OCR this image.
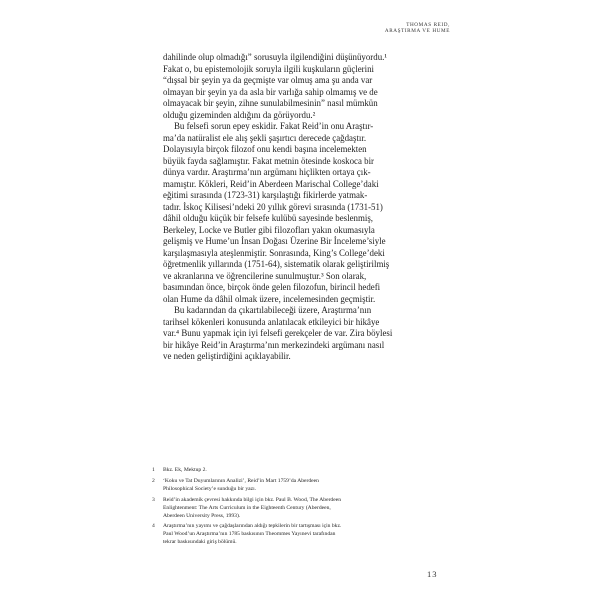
THOMAS REID,
ARAŞTIRMA VE HUME
dahilinde olup olmadığı” sorusuyla ilgilendiğini düşünüyordu.¹
Fakat o, bu epistemolojik soruyla ilgili kuşkuların güçlerini
“dışsal bir şeyin ya da geçmişte var olmuş ama şu anda var
olmayan bir şeyin ya da asla bir varlığa sahip olmamış ve de
olmayacak bir şeyin, zihne sunulabilmesinin” nasıl mümkün
olduğu gizeminden aldığını da görüyordu.²
Bu felsefi sorun epey eskidir. Fakat Reid’in onu Araştır-
ma’da natüralist ele alış şekli şaşırtıcı derecede çağdaştır.
Dolayısıyla birçok filozof onu kendi başına incelemekten
büyük fayda sağlamıştır. Fakat metnin ötesinde koskoca bir
dünya vardır. Araştırma’nın argümanı hiçlikten ortaya çık-
mamıştır. Kökleri, Reid’in Aberdeen Marischal College’daki
eğitimi sırasında (1723-31) karşılaştığı fikirlerde yatmak-
tadır. İskoç Kilisesi’ndeki 20 yıllık görevi sırasında (1731-51)
dâhil olduğu küçük bir felsefe kulübü sayesinde beslenmiş,
Berkeley, Locke ve Butler gibi filozofları yakın okumasıyla
gelişmiş ve Hume’un İnsan Doğası Üzerine Bir İnceleme’siyle
karşılaşmasıyla ateşlenmiştir. Sonrasında, King’s College’deki
öğretmenlik yıllarında (1751-64), sistematik olarak geliştirilmiş
ve akranlarına ve öğrencilerine sunulmuştur.³ Son olarak,
basımından önce, birçok önde gelen filozofun, birincil hedefi
olan Hume da dâhil olmak üzere, incelemesinden geçmiştir.
Bu kadarından da çıkartılabileceği üzere, Araştırma’nın
tarihsel kökenleri konusunda anlatılacak etkileyici bir hikâye
var.⁴ Bunu yapmak için iyi felsefi gerekçeler de var. Zira böylesi
bir hikâye Reid’in Araştırma’nın merkezindeki argümanı nasıl
ve neden geliştirdiğini açıklayabilir.
1	Bkz. Ek, Mektup 2.
2	‘Koku ve Tat Duyumlarının Analizi’, Reid’in Mart 1759’da Aberdeen
Philosophical Society’e sunduğu bir yazı.
3	Reid’in akademik çevresi hakkında bilgi için bkz. Paul B. Wood, The Aberdeen
Enlightenment: The Arts Curriculum in the Eighteenth Century (Aberdeen,
Aberdeen University Press, 1993).
4	Araştırma’nın yayımı ve çağdaşlarından aldığı tepkilerin bir tartışması için bkz.
Paul Wood’un Araştırma’nın 1785 baskısının Theommes Yayınevi tarafından
tekrar baskısındaki giriş bölümü.
13
